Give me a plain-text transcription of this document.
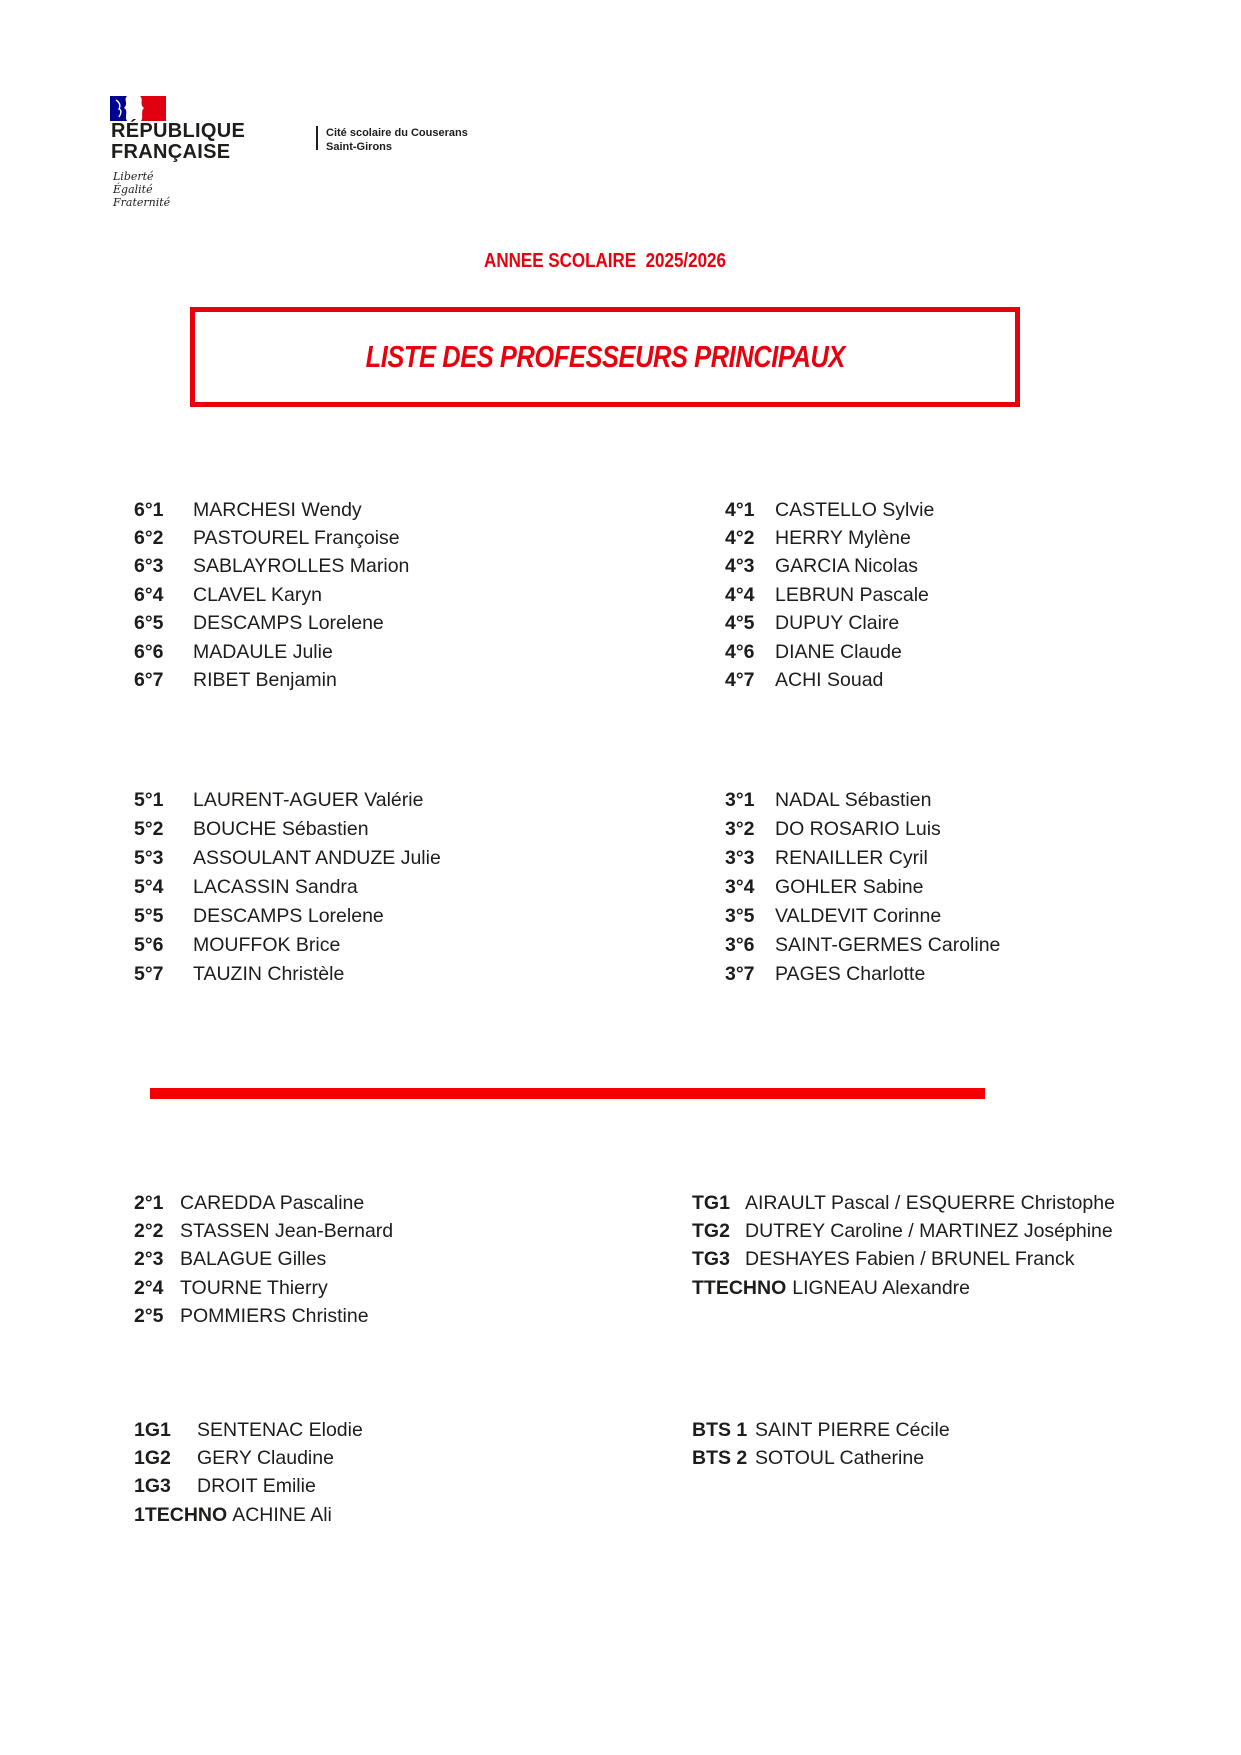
RÉPUBLIQUE
FRANÇAISE
Liberté
Égalité
Fraternité
Cité scolaire du Couserans
Saint-Girons
ANNEE SCOLAIRE  2025/2026
LISTE DES PROFESSEURS PRINCIPAUX
6°1	MARCHESI Wendy
6°2	PASTOUREL Françoise
6°3	SABLAYROLLES Marion
6°4	CLAVEL Karyn
6°5	DESCAMPS Lorelene
6°6	MADAULE Julie
6°7	RIBET Benjamin
4°1	CASTELLO Sylvie
4°2	HERRY Mylène
4°3	GARCIA Nicolas
4°4	LEBRUN Pascale
4°5	DUPUY Claire
4°6	DIANE Claude
4°7	ACHI Souad
5°1	LAURENT-AGUER Valérie
5°2	BOUCHE Sébastien
5°3	ASSOULANT ANDUZE Julie
5°4	LACASSIN Sandra
5°5	DESCAMPS Lorelene
5°6	MOUFFOK Brice
5°7	TAUZIN Christèle
3°1	NADAL Sébastien
3°2	DO ROSARIO Luis
3°3	RENAILLER Cyril
3°4	GOHLER Sabine
3°5	VALDEVIT Corinne
3°6	SAINT-GERMES Caroline
3°7	PAGES Charlotte
2°1 CAREDDA Pascaline
2°2 STASSEN Jean-Bernard
2°3 BALAGUE Gilles
2°4 TOURNE Thierry
2°5 POMMIERS Christine
TG1 AIRAULT Pascal / ESQUERRE Christophe
TG2 DUTREY Caroline / MARTINEZ Joséphine
TG3 DESHAYES Fabien / BRUNEL Franck
TTECHNO LIGNEAU Alexandre
1G1	SENTENAC Elodie
1G2	GERY Claudine
1G3	DROIT Emilie
1TECHNO ACHINE Ali
BTS 1 SAINT PIERRE Cécile
BTS 2 SOTOUL Catherine
